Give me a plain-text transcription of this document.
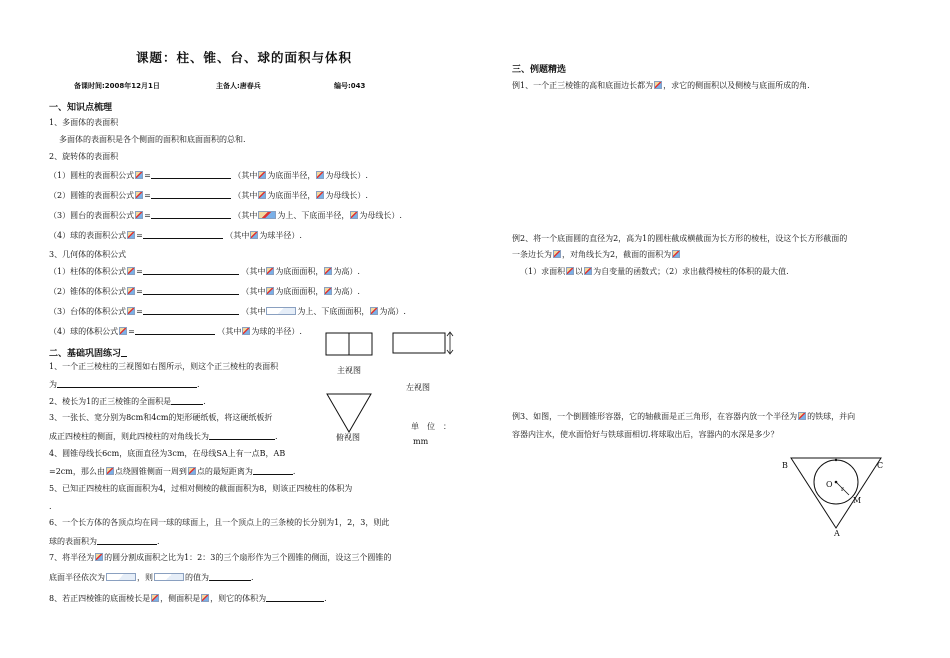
课题：柱、锥、台、球的面积与体积
备课时间:2008年12月1日	主备人:唐春兵	编号:043
一、知识点梳理
1、多面体的表面积
多面体的表面积是各个侧面的面积和底面面积的总和.
2、旋转体的表面积
（1）圆柱的表面积公式 =	（其中 为底面半径， 为母线长）.
（2）圆锥的表面积公式 =	（其中 为底面半径， 为母线长）.
（3）圆台的表面积公式 =	（其中	为上、下底面半径， 为母线长）.
（4）球的表面积公式 =	（其中 为球半径）.
3、几何体的体积公式
（1）柱体的体积公式 =	（其中 为底面面积， 为高）.
（2）锥体的体积公式 =	（其中 为底面面积， 为高）.
（3）台体的体积公式 =	（其中	为上、下底面面积， 为高）.
（4）球的体积公式 =	（其中 为球的半径）.
二、基础巩固练习
1、一个正三棱柱的三视图如右图所示，则这个正三棱柱的表面积
为	.
2、棱长为1的正三棱锥的全面积是	.
3、一张长、宽分别为8cm和4cm的矩形硬纸板，将这硬纸板折
成正四棱柱的侧面，则此四棱柱的对角线长为	.
4、圆锥母线长6cm，底面直径为3cm，在母线SA上有一点B，AB
=2cm，那么由 点绕圆锥侧面一周到 点的最短距离为	.
5、已知正四棱柱的底面面积为4，过相对侧棱的截面面积为8，则该正四棱柱的体积为
.
6、一个长方体的各顶点均在同一球的球面上，且一个顶点上的三条棱的长分别为1，2，3，则此
球的表面积为	.
7、将半径为 的圆分割成面积之比为1：2：3的三个扇形作为三个圆锥的侧面，设这三个圆锥的
底面半径依次为	，则	的值为	.
8、若正四棱锥的底面棱长是 ，侧面积是 ，则它的体积为	.
主视图
左视图
俯视图
单　位　：
mm
三、例题精选
例1、一个正三棱锥的高和底面边长都为 ，求它的侧面积以及侧棱与底面所成的角.
例2、将一个底面圆的直径为2，高为1的圆柱截成横截面为长方形的棱柱，设这个长方形截面的
一条边长为 ，对角线长为2，截面的面积为
（1）求面积 以 为自变量的函数式；（2）求出截得棱柱的体积的最大值.
例3、如图，一个倒圆锥形容器，它的轴截面是正三角形，在容器内放一个半径为 的铁球，并向
容器内注水，使水面恰好与铁球面相切.将球取出后，容器内的水深是多少？
B	C
O
r
M
A
